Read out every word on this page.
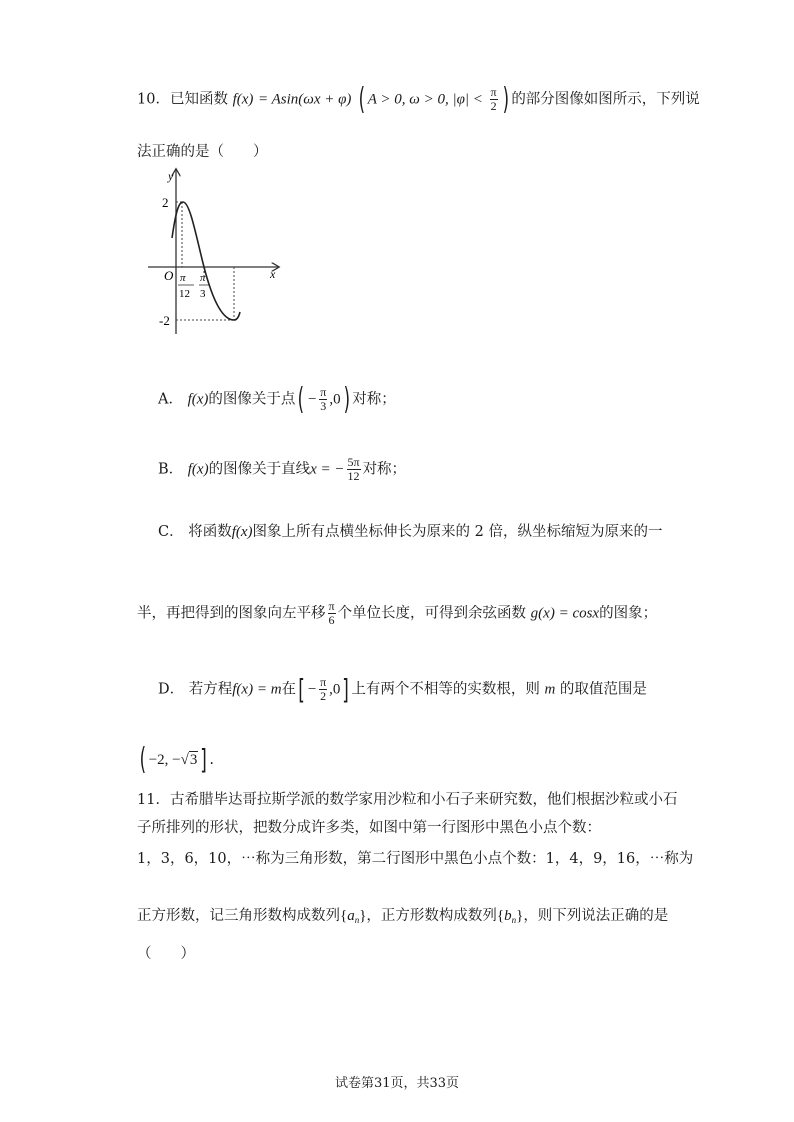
10．已知函数 f(x) = Asin(ωx + φ) ( A > 0, ω > 0, $|\varphi| < \frac{\pi}{2}$ ) 的部分图像如图所示，下列说
法正确的是（　　）
y
x
O
2
-2
π
12
π
3
A． f(x)的图像关于点( − $\frac{\pi}{3} ,0$) 对称；
B． f(x)的图像关于直线x = − $\frac{5\pi}{12}$ 对称；
C． 将函数f(x)图象上所有点横坐标伸长为原来的 2 倍，纵坐标缩短为原来的一
半，再把得到的图象向左平移 $\frac{\pi}{6}$ 个单位长度，可得到余弦函数 g(x) = cosx的图象；
D． 若方程f(x) = m在[ − $\frac{\pi}{2} ,0$] 上有两个不相等的实数根，则 m 的取值范围是
( −2, −√3 ] .
11．古希腊毕达哥拉斯学派的数学家用沙粒和小石子来研究数，他们根据沙粒或小石
子所排列的形状，把数分成许多类，如图中第一行图形中黑色小点个数：
1，3，6，10，⋯称为三角形数，第二行图形中黑色小点个数：1，4，9，16，⋯称为
正方形数，记三角形数构成数列$\{a_n\}$，正方形数构成数列$\{b_n\}$，则下列说法正确的是
（　　）
试卷第31页，共33页
